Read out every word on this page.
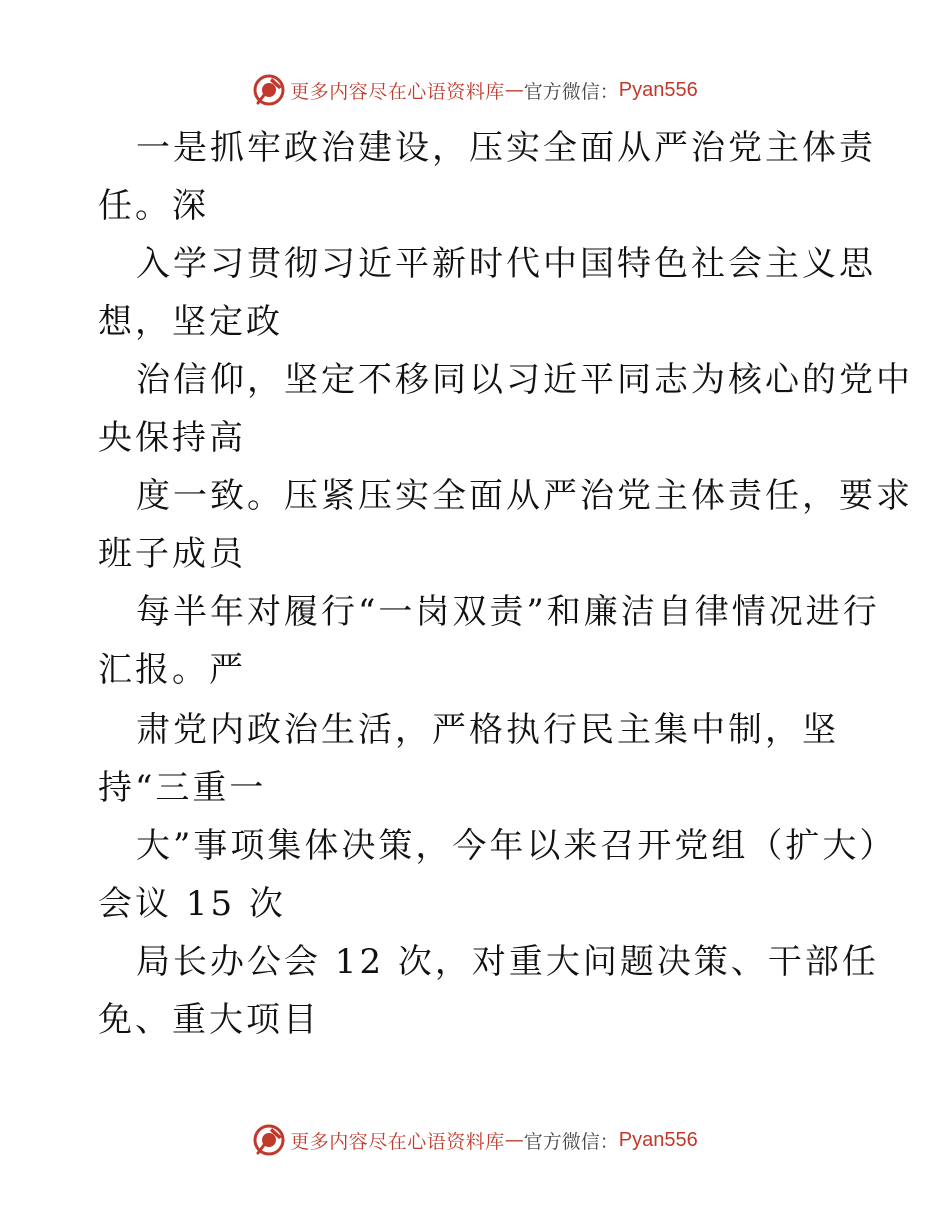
更多内容尽在心语资料库 — 官方微信： Pyan556
一是抓牢政治建设，压实全面从严治党主体责
任。深
入学习贯彻习近平新时代中国特色社会主义思
想，坚定政
治信仰，坚定不移同以习近平同志为核心的党中
央保持高
度一致。压紧压实全面从严治党主体责任，要求
班子成员
每半年对履行“一岗双责”和廉洁自律情况进行
汇报。严
肃党内政治生活，严格执行民主集中制，坚
持“三重一
大”事项集体决策，今年以来召开党组（扩大）
会议 15 次
局长办公会 12 次，对重大问题决策、干部任
免、重大项目
更多内容尽在心语资料库 — 官方微信： Pyan556
